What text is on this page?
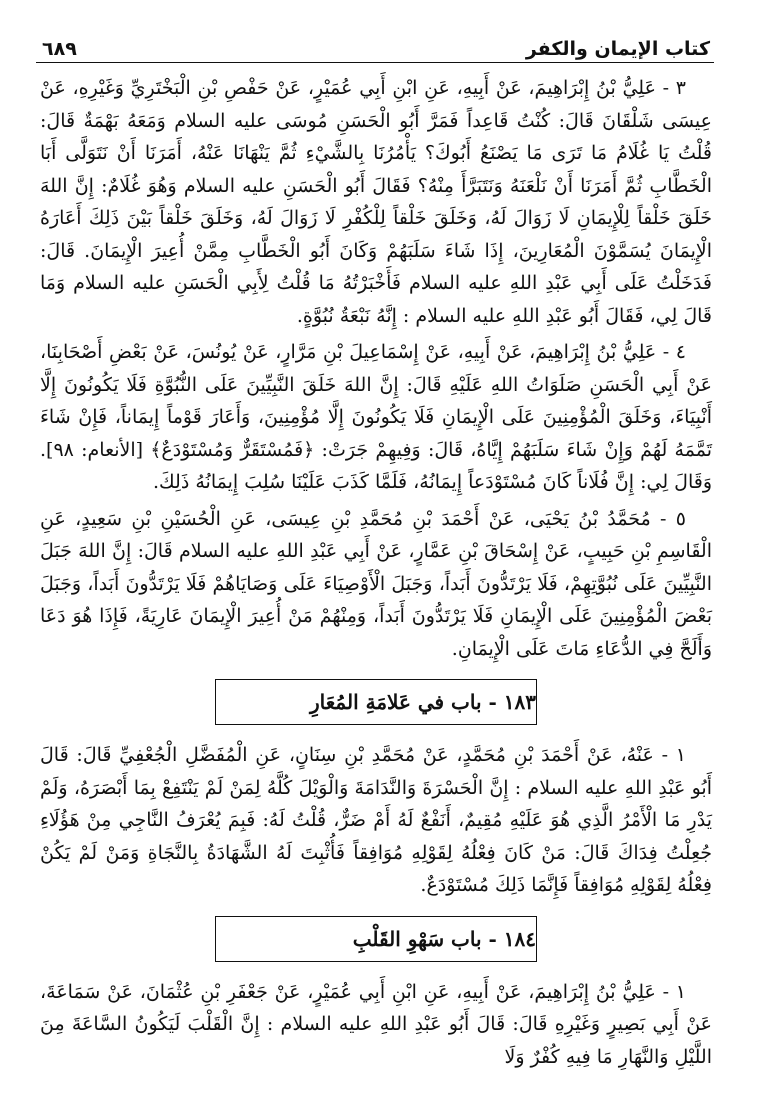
كتاب الإيمان والكفر
٦٨٩

٣ - عَلِيُّ بْنُ إِبْرَاهِيمَ، عَنْ أَبِيهِ، عَنِ ابْنِ أَبِي عُمَيْرٍ، عَنْ حَفْصِ بْنِ الْبَخْتَرِيِّ وَغَيْرِهِ، عَنْ عِيسَى شَلْقَانَ قَالَ: كُنْتُ قَاعِداً فَمَرَّ أَبُو الْحَسَنِ مُوسَى عليه السلام وَمَعَهُ بَهْمَةٌ قَالَ: قُلْتُ يَا غُلَامُ مَا تَرَى مَا يَصْنَعُ أَبُوكَ؟ يَأْمُرُنَا بِالشَّيْءِ ثُمَّ يَنْهَانَا عَنْهُ، أَمَرَنَا أَنْ نَتَوَلَّى أَبَا الْخَطَّابِ ثُمَّ أَمَرَنَا أَنْ نَلْعَنَهُ وَنَتَبَرَّأَ مِنْهُ؟ فَقَالَ أَبُو الْحَسَنِ عليه السلام وَهُوَ غُلَامٌ: إِنَّ اللهَ خَلَقَ خَلْقاً لِلْإِيمَانِ لَا زَوَالَ لَهُ، وَخَلَقَ خَلْقاً لِلْكُفْرِ لَا زَوَالَ لَهُ، وَخَلَقَ خَلْقاً بَيْنَ ذَلِكَ أَعَارَهُ الْإِيمَانَ يُسَمَّوْنَ الْمُعَارِينَ، إِذَا شَاءَ سَلَبَهُمْ وَكَانَ أَبُو الْخَطَّابِ مِمَّنْ أُعِيرَ الْإِيمَانَ. قَالَ: فَدَخَلْتُ عَلَى أَبِي عَبْدِ اللهِ عليه السلام فَأَخْبَرْتُهُ مَا قُلْتُ لِأَبِي الْحَسَنِ عليه السلام وَمَا قَالَ لِي، فَقَالَ أَبُو عَبْدِ اللهِ عليه السلام : إِنَّهُ نَبْعَةُ نُبُوَّةٍ.

٤ - عَلِيُّ بْنُ إِبْرَاهِيمَ، عَنْ أَبِيهِ، عَنْ إِسْمَاعِيلَ بْنِ مَرَّارٍ، عَنْ يُونُسَ، عَنْ بَعْضِ أَصْحَابِنَا، عَنْ أَبِي الْحَسَنِ صَلَوَاتُ اللهِ عَلَيْهِ قَالَ: إِنَّ اللهَ خَلَقَ النَّبِيِّينَ عَلَى النُّبُوَّةِ فَلَا يَكُونُونَ إِلَّا أَنْبِيَاءَ، وَخَلَقَ الْمُؤْمِنِينَ عَلَى الْإِيمَانِ فَلَا يَكُونُونَ إِلَّا مُؤْمِنِينَ، وَأَعَارَ قَوْماً إِيمَاناً، فَإِنْ شَاءَ تَمَّمَهُ لَهُمْ وَإِنْ شَاءَ سَلَبَهُمْ إِيَّاهُ، قَالَ: وَفِيهِمْ جَرَتْ: ﴿فَمُسْتَقَرٌّ وَمُسْتَوْدَعٌ﴾ [الأنعام: ٩٨]. وَقَالَ لِي: إِنَّ فُلَاناً كَانَ مُسْتَوْدَعاً إِيمَانُهُ، فَلَمَّا كَذَبَ عَلَيْنَا سُلِبَ إِيمَانُهُ ذَلِكَ.

٥ - مُحَمَّدُ بْنُ يَحْيَى، عَنْ أَحْمَدَ بْنِ مُحَمَّدِ بْنِ عِيسَى، عَنِ الْحُسَيْنِ بْنِ سَعِيدٍ، عَنِ الْقَاسِمِ بْنِ حَبِيبٍ، عَنْ إِسْحَاقَ بْنِ عَمَّارٍ، عَنْ أَبِي عَبْدِ اللهِ عليه السلام قَالَ: إِنَّ اللهَ جَبَلَ النَّبِيِّينَ عَلَى نُبُوَّتِهِمْ، فَلَا يَرْتَدُّونَ أَبَداً، وَجَبَلَ الْأَوْصِيَاءَ عَلَى وَصَايَاهُمْ فَلَا يَرْتَدُّونَ أَبَداً، وَجَبَلَ بَعْضَ الْمُؤْمِنِينَ عَلَى الْإِيمَانِ فَلَا يَرْتَدُّونَ أَبَداً، وَمِنْهُمْ مَنْ أُعِيرَ الْإِيمَانَ عَارِيَةً، فَإِذَا هُوَ دَعَا وَأَلَحَّ فِي الدُّعَاءِ مَاتَ عَلَى الْإِيمَانِ.

١٨٣ - باب في عَلامَةِ المُعَارِ

١ - عَنْهُ، عَنْ أَحْمَدَ بْنِ مُحَمَّدٍ، عَنْ مُحَمَّدِ بْنِ سِنَانٍ، عَنِ الْمُفَضَّلِ الْجُعْفِيِّ قَالَ: قَالَ أَبُو عَبْدِ اللهِ عليه السلام : إِنَّ الْحَسْرَةَ وَالنَّدَامَةَ وَالْوَيْلَ كُلَّهُ لِمَنْ لَمْ يَنْتَفِعْ بِمَا أَبْصَرَهُ، وَلَمْ يَدْرِ مَا الْأَمْرُ الَّذِي هُوَ عَلَيْهِ مُقِيمٌ، أَنَفْعٌ لَهُ أَمْ ضَرٌّ، قُلْتُ لَهُ: فَبِمَ يُعْرَفُ النَّاجِي مِنْ هَؤُلَاءِ جُعِلْتُ فِدَاكَ قَالَ: مَنْ كَانَ فِعْلُهُ لِقَوْلِهِ مُوَافِقاً فَأُثْبِتَ لَهُ الشَّهَادَةُ بِالنَّجَاةِ وَمَنْ لَمْ يَكُنْ فِعْلُهُ لِقَوْلِهِ مُوَافِقاً فَإِنَّمَا ذَلِكَ مُسْتَوْدَعٌ.

١٨٤ - باب سَهْوِ القَلْبِ

١ - عَلِيُّ بْنُ إِبْرَاهِيمَ، عَنْ أَبِيهِ، عَنِ ابْنِ أَبِي عُمَيْرٍ، عَنْ جَعْفَرِ بْنِ عُثْمَانَ، عَنْ سَمَاعَةَ، عَنْ أَبِي بَصِيرٍ وَغَيْرِهِ قَالَ: قَالَ أَبُو عَبْدِ اللهِ عليه السلام : إِنَّ الْقَلْبَ لَيَكُونُ السَّاعَةَ مِنَ اللَّيْلِ وَالنَّهَارِ مَا فِيهِ كُفْرٌ وَلَا
